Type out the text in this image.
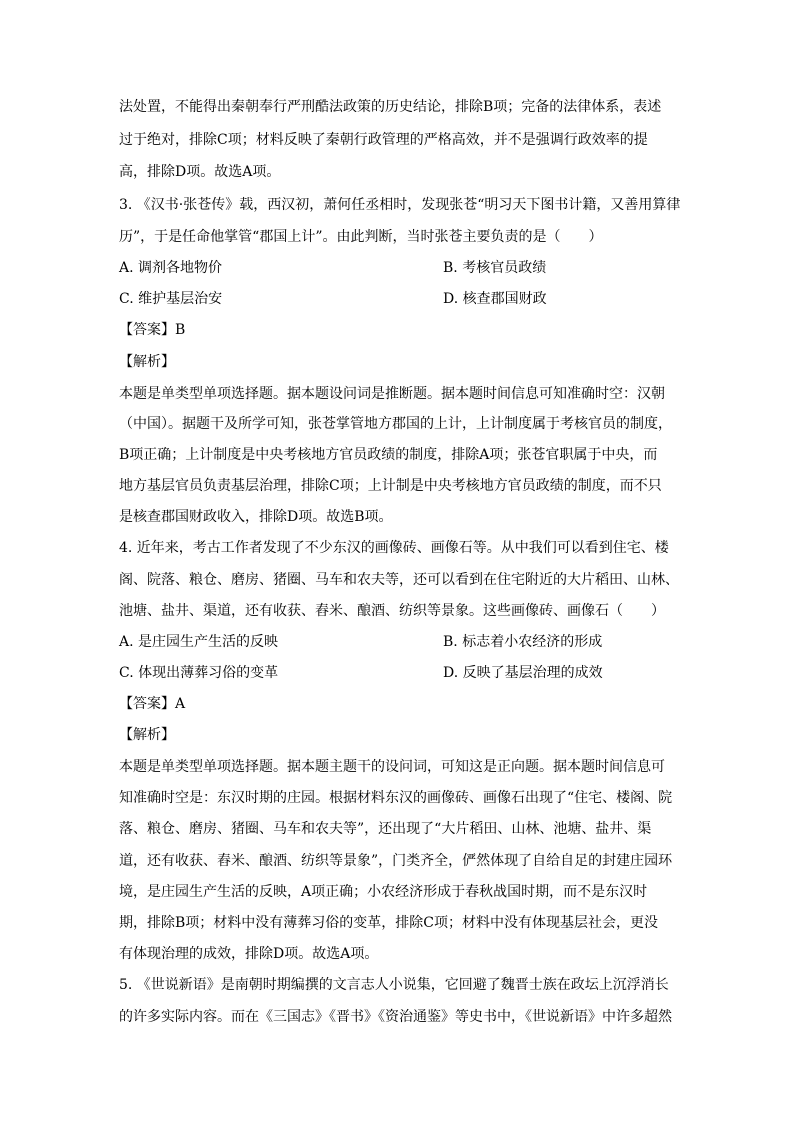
法处置，不能得出秦朝奉行严刑酷法政策的历史结论，排除B项；完备的法律体系，表述
过于绝对，排除C项；材料反映了秦朝行政管理的严格高效，并不是强调行政效率的提
高，排除D项。故选A项。
3. 《汉书·张苍传》载，西汉初，萧何任丞相时，发现张苍“明习天下图书计籍，又善用算律
历”，于是任命他掌管“郡国上计”。由此判断，当时张苍主要负责的是（　　）
A. 调剂各地物价	B. 考核官员政绩
C. 维护基层治安	D. 核查郡国财政
【答案】B
【解析】
本题是单类型单项选择题。据本题设问词是推断题。据本题时间信息可知准确时空：汉朝
（中国）。据题干及所学可知，张苍掌管地方郡国的上计，上计制度属于考核官员的制度，
B项正确；上计制度是中央考核地方官员政绩的制度，排除A项；张苍官职属于中央，而
地方基层官员负责基层治理，排除C项；上计制是中央考核地方官员政绩的制度，而不只
是核查郡国财政收入，排除D项。故选B项。
4. 近年来，考古工作者发现了不少东汉的画像砖、画像石等。从中我们可以看到住宅、楼
阁、院落、粮仓、磨房、猪圈、马车和农夫等，还可以看到在住宅附近的大片稻田、山林、
池塘、盐井、渠道，还有收获、舂米、酿酒、纺织等景象。这些画像砖、画像石（　　）
A. 是庄园生产生活的反映	B. 标志着小农经济的形成
C. 体现出薄葬习俗的变革	D. 反映了基层治理的成效
【答案】A
【解析】
本题是单类型单项选择题。据本题主题干的设问词，可知这是正向题。据本题时间信息可
知准确时空是：东汉时期的庄园。根据材料东汉的画像砖、画像石出现了“住宅、楼阁、院
落、粮仓、磨房、猪圈、马车和农夫等”，还出现了“大片稻田、山林、池塘、盐井、渠
道，还有收获、舂米、酿酒、纺织等景象”，门类齐全，俨然体现了自给自足的封建庄园环
境，是庄园生产生活的反映，A项正确；小农经济形成于春秋战国时期，而不是东汉时
期，排除B项；材料中没有薄葬习俗的变革，排除C项；材料中没有体现基层社会，更没
有体现治理的成效，排除D项。故选A项。
5. 《世说新语》是南朝时期编撰的文言志人小说集，它回避了魏晋士族在政坛上沉浮消长
的许多实际内容。而在《三国志》《晋书》《资治通鉴》等史书中，《世说新语》中许多超然
